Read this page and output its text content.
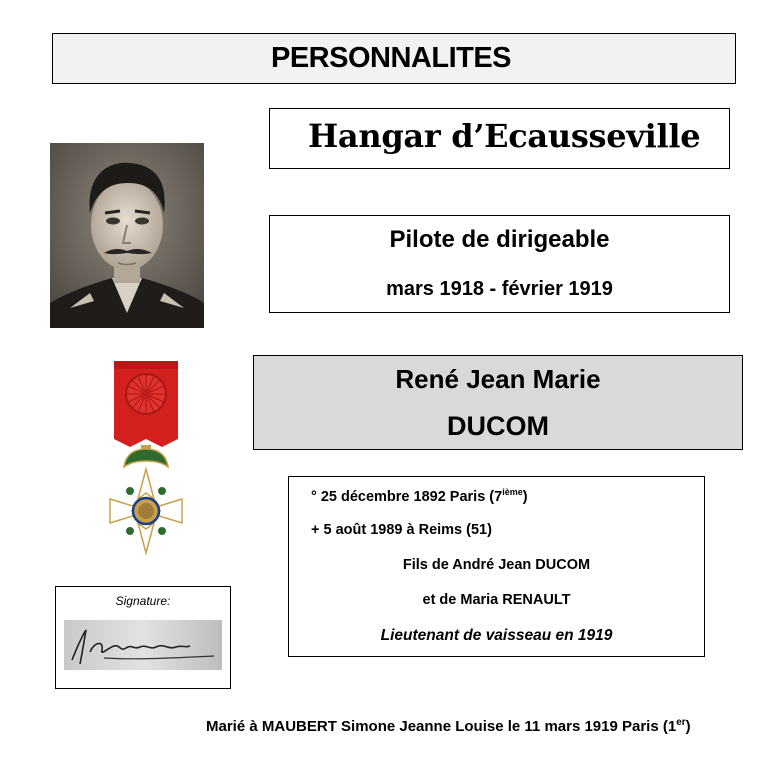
PERSONNALITES
Hangar d’Ecausseville
Pilote de dirigeable
mars 1918 - février 1919
René Jean Marie
DUCOM
° 25 décembre 1892 Paris (7ième)
+ 5 août 1989 à Reims (51)
Fils de André Jean DUCOM
et de Maria RENAULT
Lieutenant de vaisseau en 1919
Signature:
Marié à MAUBERT Simone Jeanne Louise le 11 mars 1919 Paris (1er)
